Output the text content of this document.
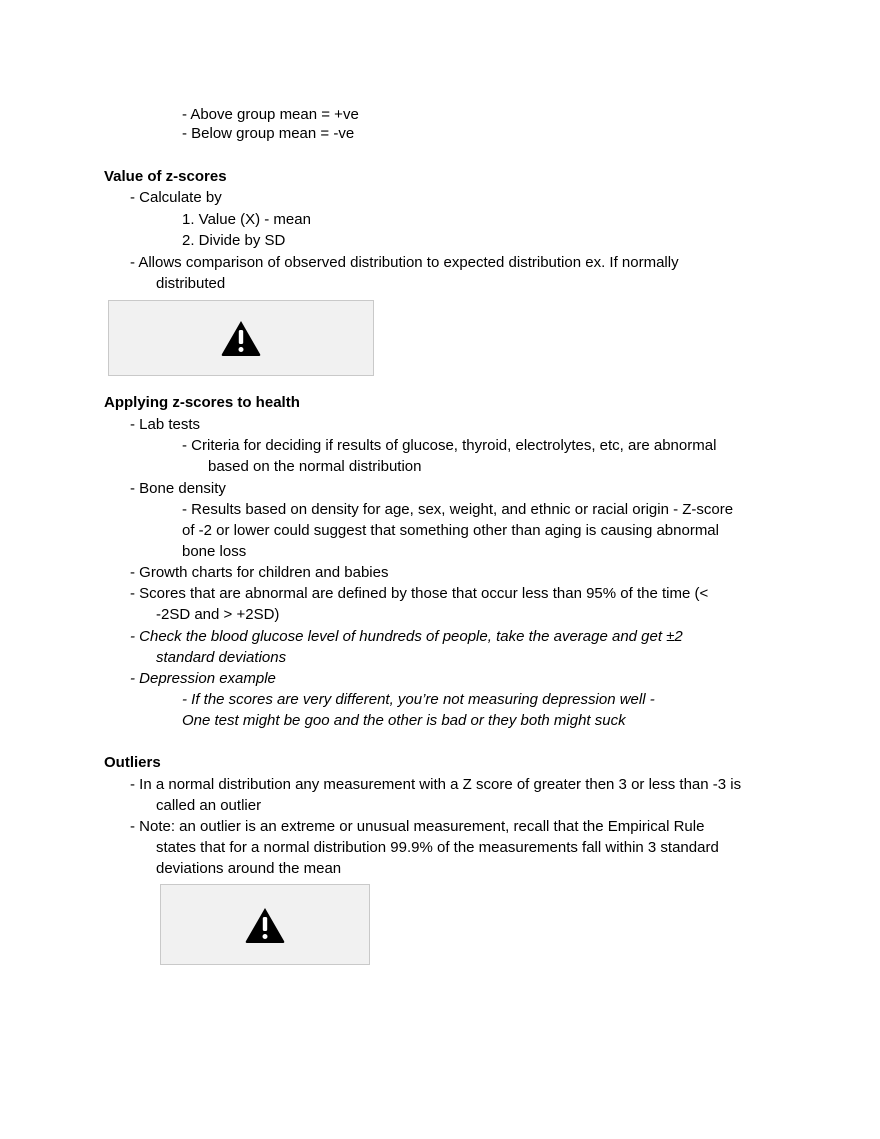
- Above group mean = +ve
- Below group mean = -ve
Value of z-scores
- Calculate by
1. Value (X) - mean
2. Divide by SD
- Allows comparison of observed distribution to expected distribution ex. If normally
distributed
Applying z-scores to health
- Lab tests
- Criteria for deciding if results of glucose, thyroid, electrolytes, etc, are abnormal
based on the normal distribution
- Bone density
- Results based on density for age, sex, weight, and ethnic or racial origin - Z-score
of -2 or lower could suggest that something other than aging is causing abnormal
bone loss
- Growth charts for children and babies
- Scores that are abnormal are defined by those that occur less than 95% of the time (<
-2SD and > +2SD)
- Check the blood glucose level of hundreds of people, take the average and get ±2
standard deviations
- Depression example
- If the scores are very different, you’re not measuring depression well -
One test might be goo and the other is bad or they both might suck
Outliers
- In a normal distribution any measurement with a Z score of greater then 3 or less than -3 is
called an outlier
- Note: an outlier is an extreme or unusual measurement, recall that the Empirical Rule
states that for a normal distribution 99.9% of the measurements fall within 3 standard
deviations around the mean
